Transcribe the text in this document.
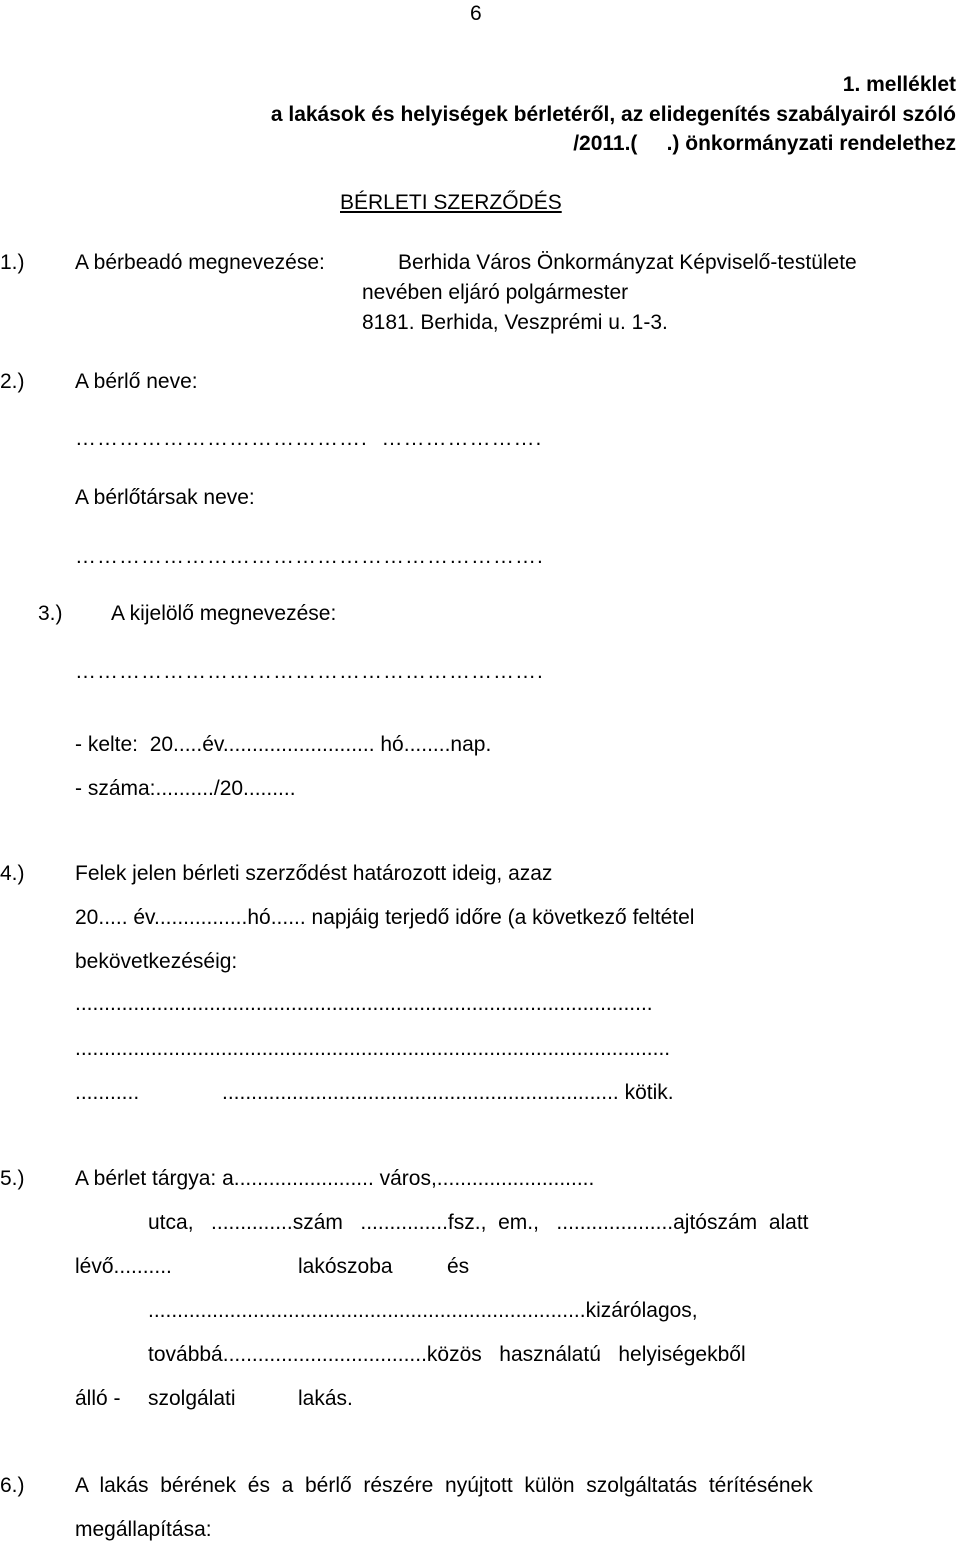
6
1. melléklet
a lakások és helyiségek bérletéről, az elidegenítés szabályairól szóló
/2011.(     .) önkormányzati rendelethez
BÉRLETI SZERZŐDÉS
1.) A bérbeadó megnevezése:	Berhida Város Önkormányzat Képviselő-testülete
nevében eljáró polgármester
8181. Berhida, Veszprémi u. 1-3.
2.) A bérlő neve:
………………………………….  ………………….
A bérlőtársak neve:
……………………………………………………….
3.) A kijelölő megnevezése:
……………………………………………………….
- kelte:  20.....év.......................... hó........nap.
- száma:........../20.........
4.) Felek jelen bérleti szerződést határozott ideig, azaz
20..... év................hó...... napjáig terjedő időre (a következő feltétel
bekövetkezéséig:
...................................................................................................
......................................................................................................
...........	.................................................................... kötik.
5.) A bérlet tárgya: a........................ város,...........................
utca,   ..............szám   ...............fsz.,  em.,   ....................ajtószám  alatt
lévő..........	lakószoba	és
...........................................................................kizárólagos,
továbbá...................................közös   használatú   helyiségekből
álló - szolgálati	lakás.
6.) A  lakás  bérének  és  a  bérlő  részére  nyújtott  külön  szolgáltatás  térítésének
megállapítása:
